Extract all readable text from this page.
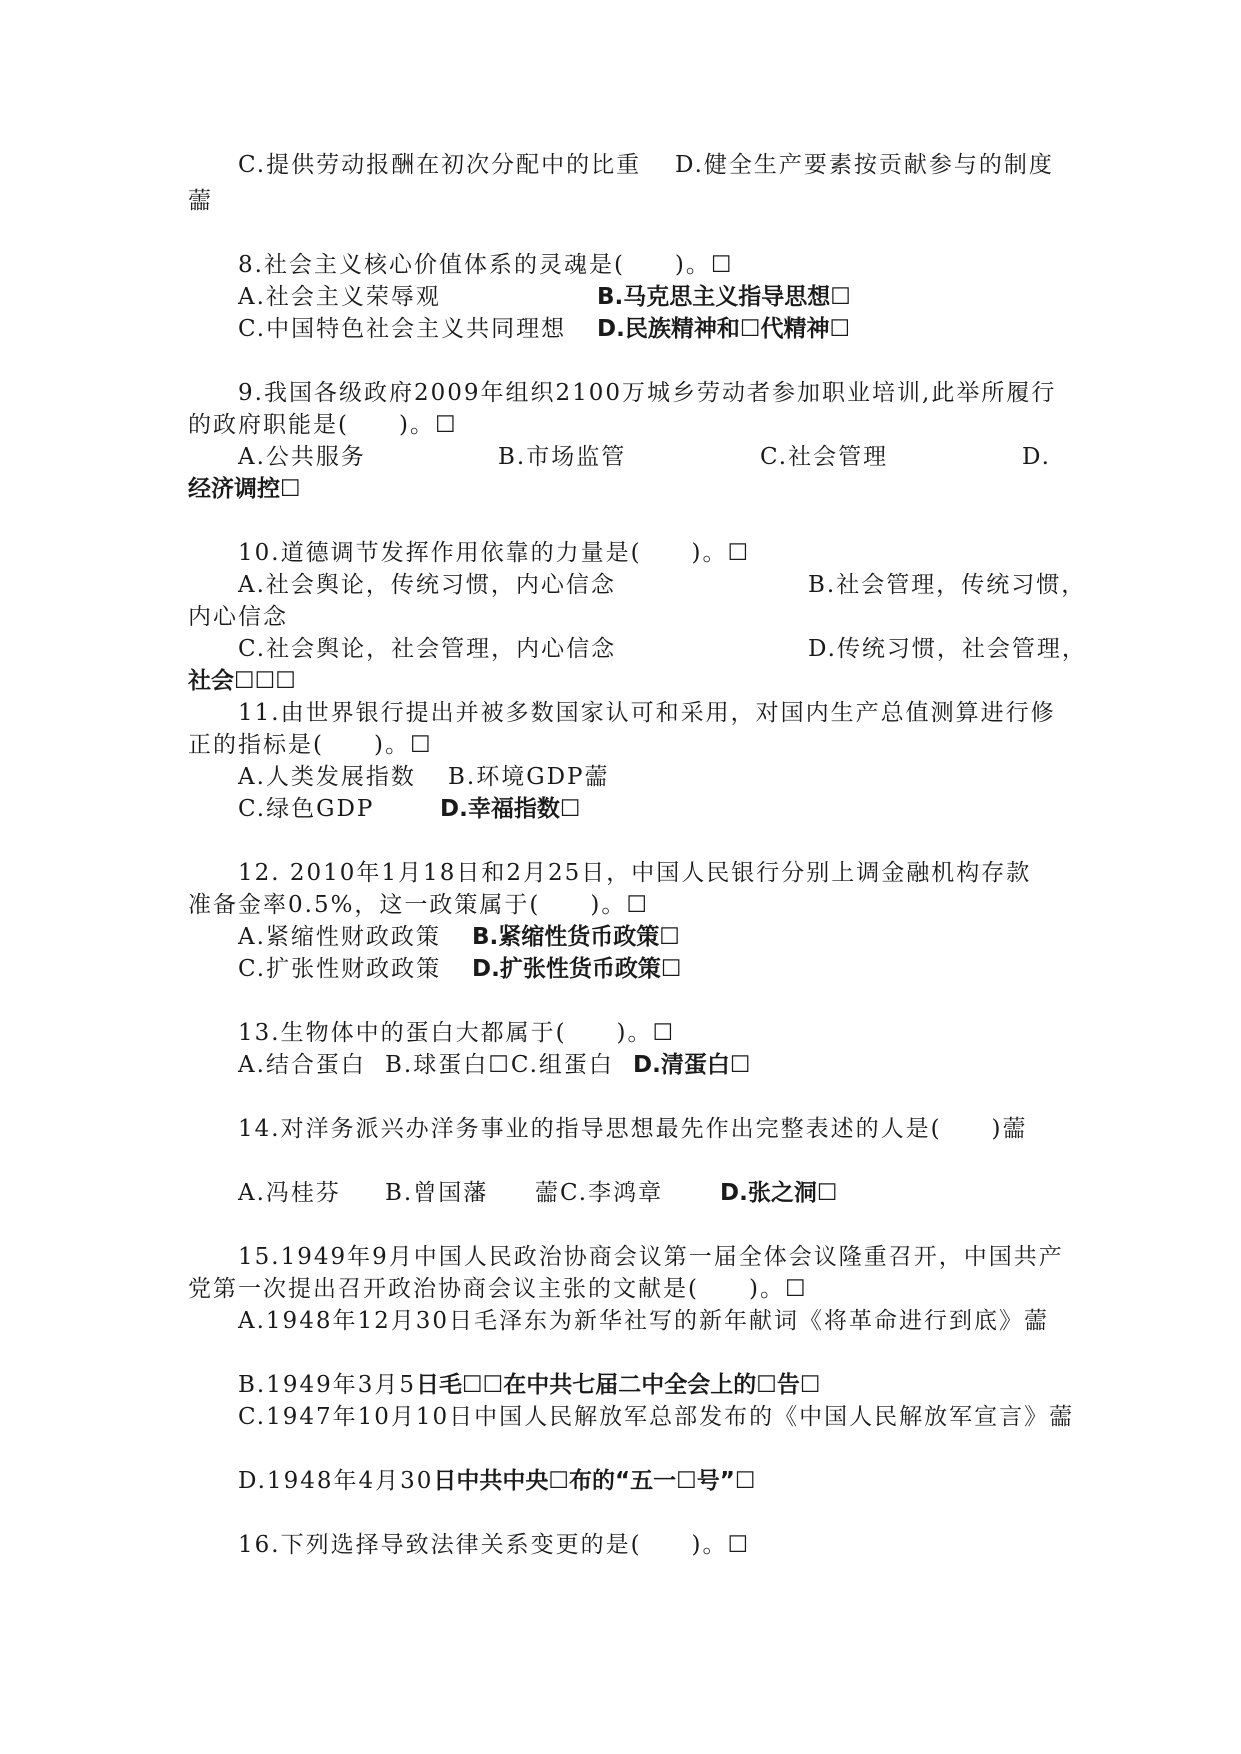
C.提供劳动报酬在初次分配中的比重 D.健全生产要素按贡献参与的制度
蘦
8.社会主义核心价值体系的灵魂是(　　)。☐
A.社会主义荣辱观	B.马克思主义指导思想☐
C.中国特色社会主义共同理想 D.民族精神和☐代精神☐
9.我国各级政府2009年组织2100万城乡劳动者参加职业培训,此举所履行
的政府职能是(　　)。☐
A.公共服务	B.市场监管	C.社会管理	D.
经济调控☐
10.道德调节发挥作用依靠的力量是(　　)。☐
A.社会舆论，传统习惯，内心信念	B.社会管理，传统习惯，
内心信念
C.社会舆论，社会管理，内心信念	D.传统习惯，社会管理，
社会☐☐☐
11.由世界银行提出并被多数国家认可和采用，对国内生产总值测算进行修
正的指标是(　　)。☐
A.人类发展指数 B.环境GDP蘦
C.绿色GDP	D.幸福指数☐
12. 2010年1月18日和2月25日，中国人民银行分别上调金融机构存款
准备金率0.5%，这一政策属于(　　)。☐
A.紧缩性财政政策 B.紧缩性货币政策☐
C.扩张性财政政策 D.扩张性货币政策☐
13.生物体中的蛋白大都属于(　　)。☐
A.结合蛋白 B.球蛋白☐C.组蛋白 D.清蛋白☐
14.对洋务派兴办洋务事业的指导思想最先作出完整表述的人是(　　)蘦
A.冯桂芬 B.曾国藩 蘦C.李鸿章 D.张之洞☐
15.1949年9月中国人民政治协商会议第一届全体会议隆重召开，中国共产
党第一次提出召开政治协商会议主张的文献是(　　)。☐
A.1948年12月30日毛泽东为新华社写的新年献词《将革命进行到底》蘦
B.1949年3月5日毛☐☐在中共七届二中全会上的☐告☐
C.1947年10月10日中国人民解放军总部发布的《中国人民解放军宣言》蘦
D.1948年4月30日中共中央☐布的“五一☐号”☐
16.下列选择导致法律关系变更的是(　　)。☐
